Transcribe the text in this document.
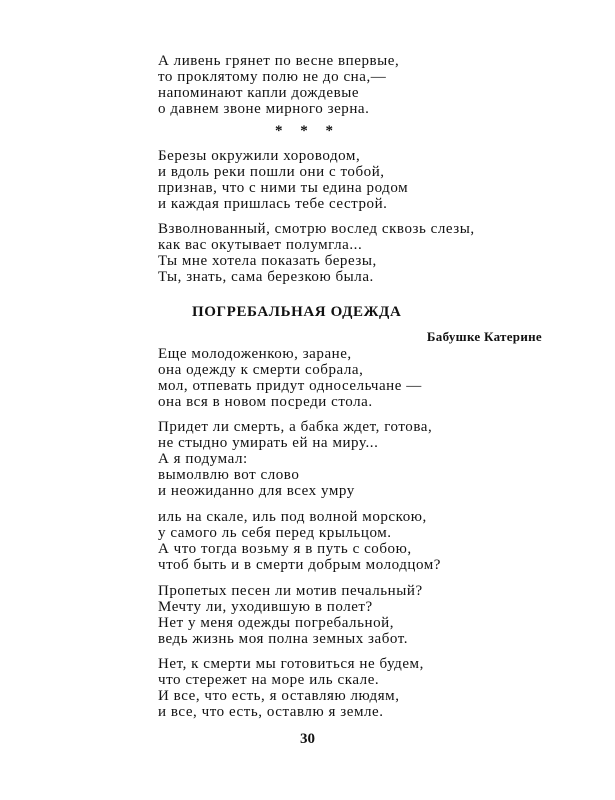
А ливень грянет по весне впервые,
то проклятому полю не до сна,—
напоминают капли дождевые
о давнем звоне мирного зерна.
* * *
Березы окружили хороводом,
и вдоль реки пошли они с тобой,
признав, что с ними ты едина родом
и каждая пришлась тебе сестрой.
Взволнованный, смотрю вослед сквозь слезы,
как вас окутывает полумгла...
Ты мне хотела показать березы,
Ты, знать, сама березкою была.
ПОГРЕБАЛЬНАЯ ОДЕЖДА
Бабушке Катерине
Еще молодоженкою, заране,
она одежду к смерти собрала,
мол, отпевать придут односельчане —
она вся в новом посреди стола.
Придет ли смерть, а бабка ждет, готова,
не стыдно умирать ей на миру...
А я подумал:
вымолвлю вот слово
и неожиданно для всех умру
иль на скале, иль под волной морскою,
у самого ль себя перед крыльцом.
А что тогда возьму я в путь с собою,
чтоб быть и в смерти добрым молодцом?
Пропетых песен ли мотив печальный?
Мечту ли, уходившую в полет?
Нет у меня одежды погребальной,
ведь жизнь моя полна земных забот.
Нет, к смерти мы готовиться не будем,
что стережет на море иль скале.
И все, что есть, я оставляю людям,
и все, что есть, оставлю я земле.
30
